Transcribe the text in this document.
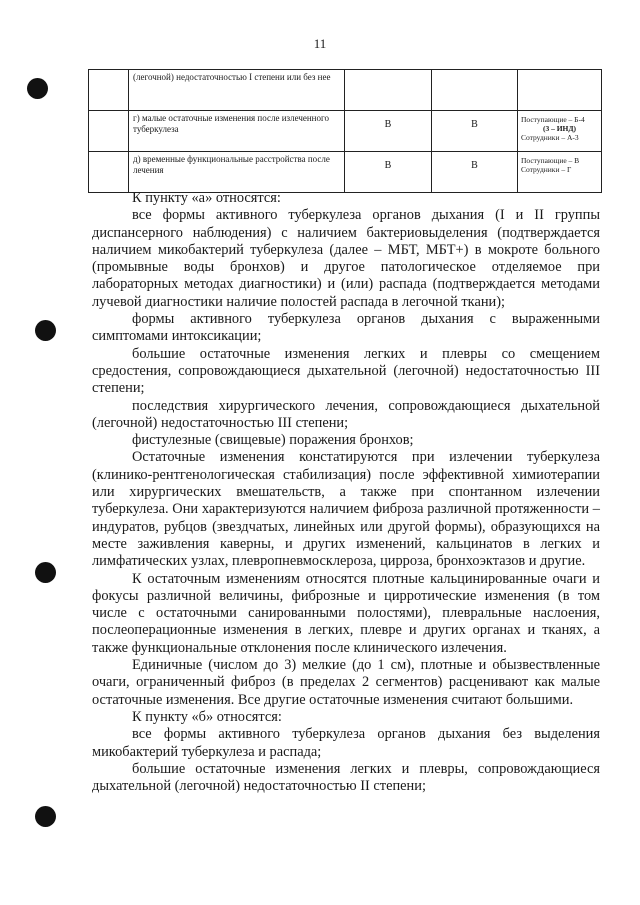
11
	(легочной) недостаточностью I степени или без нее			
	г) малые остаточные изменения после излеченного туберкулеза	В	В	Поступающие – Б-4
(3 – ИНД)
Сотрудники – А-3

	д) временные функциональные расстройства после лечения	В	В	Поступающие – В
Сотрудники – Г

К пункту «а» относятся:

все формы активного туберкулеза органов дыхания (I и II группы диспансерного наблюдения) с наличием бактериовыделения (подтверждается наличием микобактерий туберкулеза (далее – МБТ, МБТ+) в мокроте больного (промывные воды бронхов) и другое патологическое отделяемое при лабораторных методах диагностики) и (или) распада (подтверждается методами лучевой диагностики наличие полостей распада в легочной ткани);

формы активного туберкулеза органов дыхания с выраженными симптомами интоксикации;

большие остаточные изменения легких и плевры со смещением средостения, сопровождающиеся дыхательной (легочной) недостаточностью III степени;

последствия хирургического лечения, сопровождающиеся дыхательной (легочной) недостаточностью III степени;

фистулезные (свищевые) поражения бронхов;

Остаточные изменения констатируются при излечении туберкулеза (клинико-рентгенологическая стабилизация) после эффективной химиотерапии или хирургических вмешательств, а также при спонтанном излечении туберкулеза. Они характеризуются наличием фиброза различной протяженности – индуратов, рубцов (звездчатых, линейных или другой формы), образующихся на месте заживления каверны, и других изменений, кальцинатов в легких и лимфатических узлах, плевропневмосклероза, цирроза, бронхоэктазов и другие.

К остаточным изменениям относятся плотные кальцинированные очаги и фокусы различной величины, фиброзные и цирротические изменения (в том числе с остаточными санированными полостями), плевральные наслоения, послеоперационные изменения в легких, плевре и других органах и тканях, а также функциональные отклонения после клинического излечения.

Единичные (числом до 3) мелкие (до 1 см), плотные и обызвествленные очаги, ограниченный фиброз (в пределах 2 сегментов) расценивают как малые остаточные изменения. Все другие остаточные изменения считают большими.

К пункту «б» относятся:

все формы активного туберкулеза органов дыхания без выделения микобактерий туберкулеза и распада;

большие остаточные изменения легких и плевры, сопровождающиеся дыхательной (легочной) недостаточностью II степени;
